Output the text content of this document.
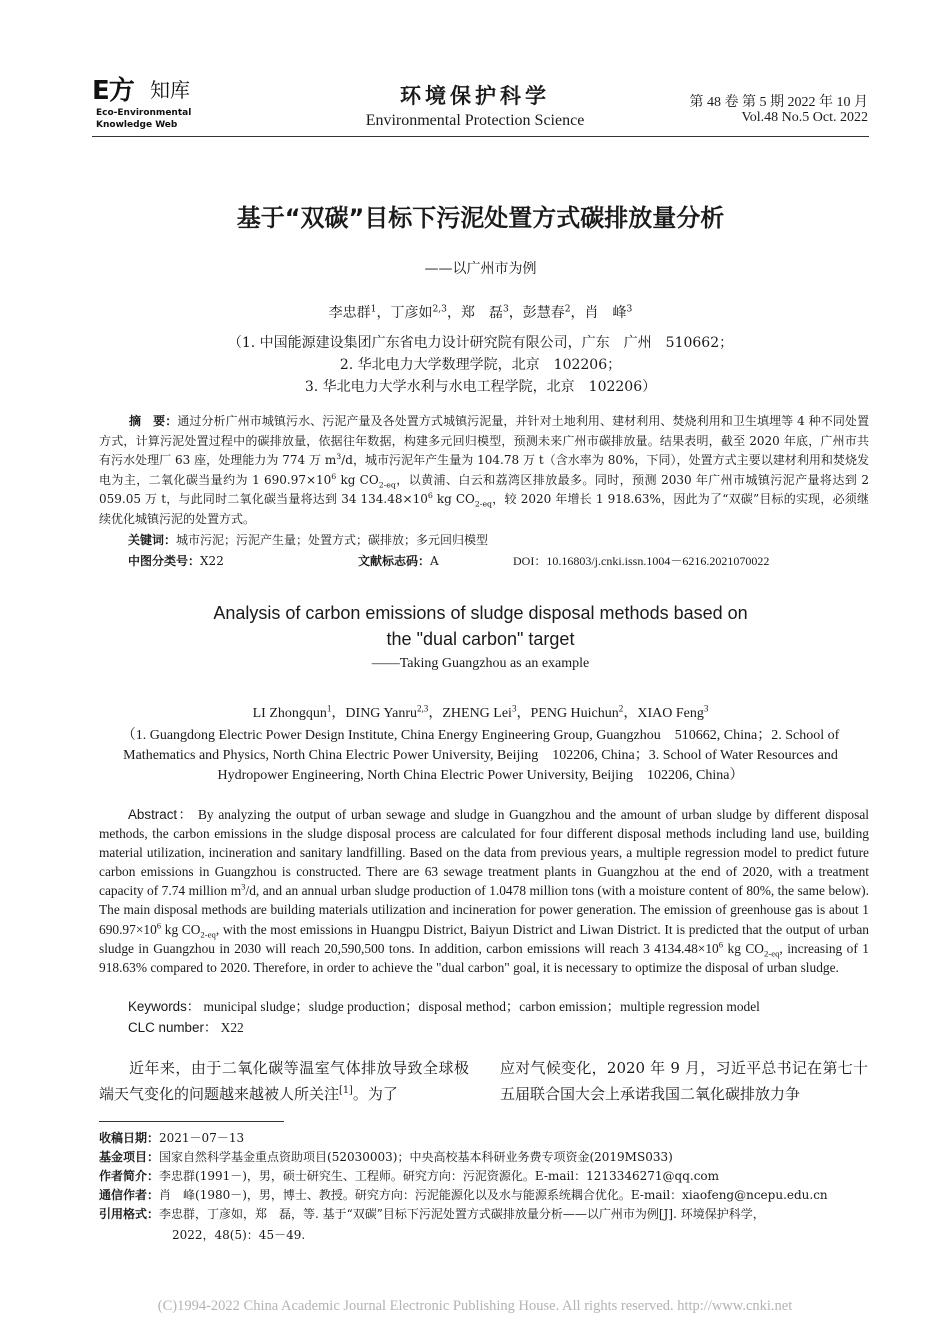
E方 知库
Eco-Environmental
Knowledge Web
环境保护科学
Environmental Protection Science
第 48 卷 第 5 期 2022 年 10 月
Vol.48 No.5 Oct. 2022
基于“双碳”目标下污泥处置方式碳排放量分析
——以广州市为例
李忠群$^1$，丁彦如$^{2,3}$，郑　磊$^3$，彭慧春$^2$，肖　峰$^3$
（1. 中国能源建设集团广东省电力设计研究院有限公司，广东　广州　510662；
2. 华北电力大学数理学院，北京　102206；
3. 华北电力大学水利与水电工程学院，北京　102206）
摘　要：通过分析广州市城镇污水、污泥产量及各处置方式城镇污泥量，并针对土地利用、建材利用、焚烧利用和卫生填埋等 4 种不同处置方式，计算污泥处置过程中的碳排放量，依据往年数据，构建多元回归模型，预测未来广州市碳排放量。结果表明，截至 2020 年底，广州市共有污水处理厂 63 座，处理能力为 774 万 $m^3/d$，城市污泥年产生量为 104.78 万 t（含水率为 80%，下同），处置方式主要以建材利用和焚烧发电为主，二氧化碳当量约为 1 $690.97\times 10^6$ kg $CO_{2-eq}$，以黄浦、白云和荔湾区排放最多。同时，预测 2030 年广州市城镇污泥产量将达到 2 059.05 万 t，与此同时二氧化碳当量将达到 34 $134.48\times 10^6$ kg $CO_{2-eq}$，较 2020 年增长 1 918.63%，因此为了“双碳”目标的实现，必须继续优化城镇污泥的处置方式。
关键词：城市污泥；污泥产生量；处置方式；碳排放；多元回归模型
中图分类号：X22	文献标志码：A	DOI：10.16803/j.cnki.issn.1004－6216.2021070022
Analysis of carbon emissions of sludge disposal methods based on
the "dual carbon" target
——Taking Guangzhou as an example
LI Zhongqun$^1$，DING Yanru$^{2,3}$，ZHENG Lei$^3$，PENG Huichun$^2$，XIAO Feng$^3$
（1. Guangdong Electric Power Design Institute, China Energy Engineering Group, Guangzhou　510662, China；2. School of
Mathematics and Physics, North China Electric Power University, Beijing　102206, China；3. School of Water Resources and
Hydropower Engineering, North China Electric Power University, Beijing　102206, China）
Abstract： By analyzing the output of urban sewage and sludge in Guangzhou and the amount of urban sludge by different disposal methods, the carbon emissions in the sludge disposal process are calculated for four different disposal methods including land use, building material utilization, incineration and sanitary landfilling. Based on the data from previous years, a multiple regression model to predict future carbon emissions in Guangzhou is constructed. There are 63 sewage treatment plants in Guangzhou at the end of 2020, with a treatment capacity of 7.74 million $m^3/d$, and an annual urban sludge production of 1.0478 million tons (with a moisture content of 80%, the same below). The main disposal methods are building materials utilization and incineration for power generation. The emission of greenhouse gas is about 1 $690.97\times 10^6$ kg $CO_{2-eq}$, with the most emissions in Huangpu District, Baiyun District and Liwan District. It is predicted that the output of urban sludge in Guangzhou in 2030 will reach 20,590,500 tons. In addition, carbon emissions will reach 3 $4134.48\times 10^6$ kg $CO_{2-eq}$, increasing of 1 918.63% compared to 2020. Therefore, in order to achieve the "dual carbon" goal, it is necessary to optimize the disposal of urban sludge.
Keywords： municipal sludge；sludge production；disposal method；carbon emission；multiple regression model
CLC number： X22
近年来，由于二氧化碳等温室气体排放导致全球极端天气变化的问题越来越被人所关注[1]。为了
应对气候变化，2020 年 9 月，习近平总书记在第七十五届联合国大会上承诺我国二氧化碳排放力争
收稿日期：2021－07－13
基金项目：国家自然科学基金重点资助项目(52030003)；中央高校基本科研业务费专项资金(2019MS033)
作者简介：李忠群(1991－)，男，硕士研究生、工程师。研究方向：污泥资源化。E-mail：1213346271@qq.com
通信作者：肖　峰(1980－)，男，博士、教授。研究方向：污泥能源化以及水与能源系统耦合优化。E-mail：xiaofeng@ncepu.edu.cn
引用格式：李忠群，丁彦如，郑　磊，等. 基于“双碳”目标下污泥处置方式碳排放量分析——以广州市为例[J]. 环境保护科学，
2022，48(5)：45－49.
(C)1994-2022 China Academic Journal Electronic Publishing House. All rights reserved. http://www.cnki.net
